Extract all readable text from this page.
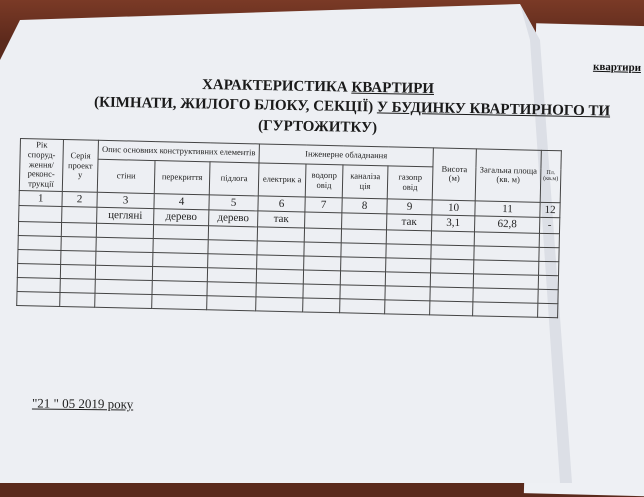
квартири
ХАРАКТЕРИСТИКА КВАРТИРИ
(КІМНАТИ, ЖИЛОГО БЛОКУ, СЕКЦІЇ) У БУДИНКУ КВАРТИРНОГО ТИ
(ГУРТОЖИТКУ)
Рік споруд-ження/ реконс-трукції	Серія проект у	Опис основних конструктивних елементів			Інженерне обладнання				Висота (м)	Загальна площа (кв. м)	Пл. (кв.м)
		стіни	перекриття	підлога	електрик а	водопр овід	каналіза ція	газопр овід			
1	2	3	4	5	6	7	8	9	10	11	12
		цегляні	дерево	дерево	так			так	3,1	62,8	-

"21 " 05 2019 року
